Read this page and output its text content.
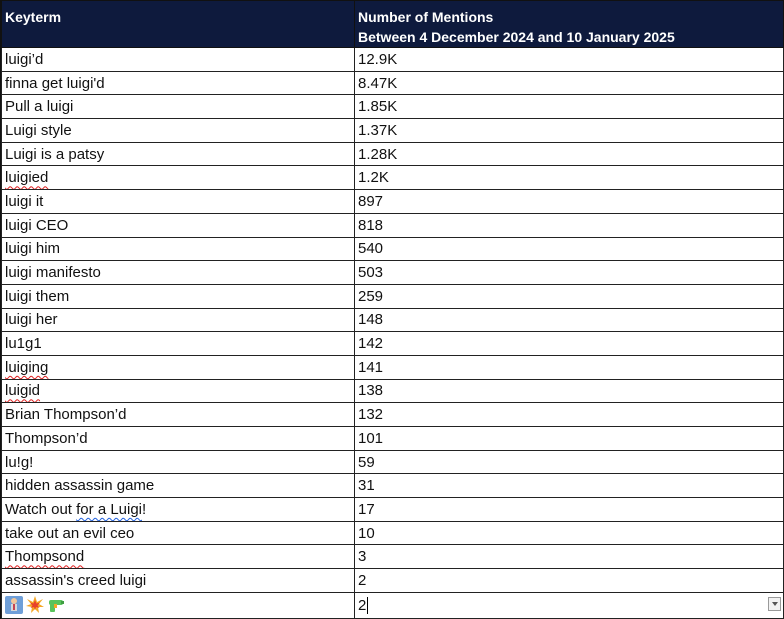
Keyterm	Number of Mentions
Between 4 December 2024 and 10 January 2025

luigi’d	12.9K
finna get luigi'd	8.47K
Pull a luigi	1.85K
Luigi style	1.37K
Luigi is a patsy	1.28K
luigied	1.2K
luigi it	897
luigi CEO	818
luigi him	540
luigi manifesto	503
luigi them	259
luigi her	148
lu1g1	142
luiging	141
luigid	138
Brian Thompson’d	132
Thompson’d	101
lu!g!	59
hidden assassin game	31
Watch out for a Luigi!	17
take out an evil ceo	10
Thompsond	3
assassin's creed luigi	2
	2
